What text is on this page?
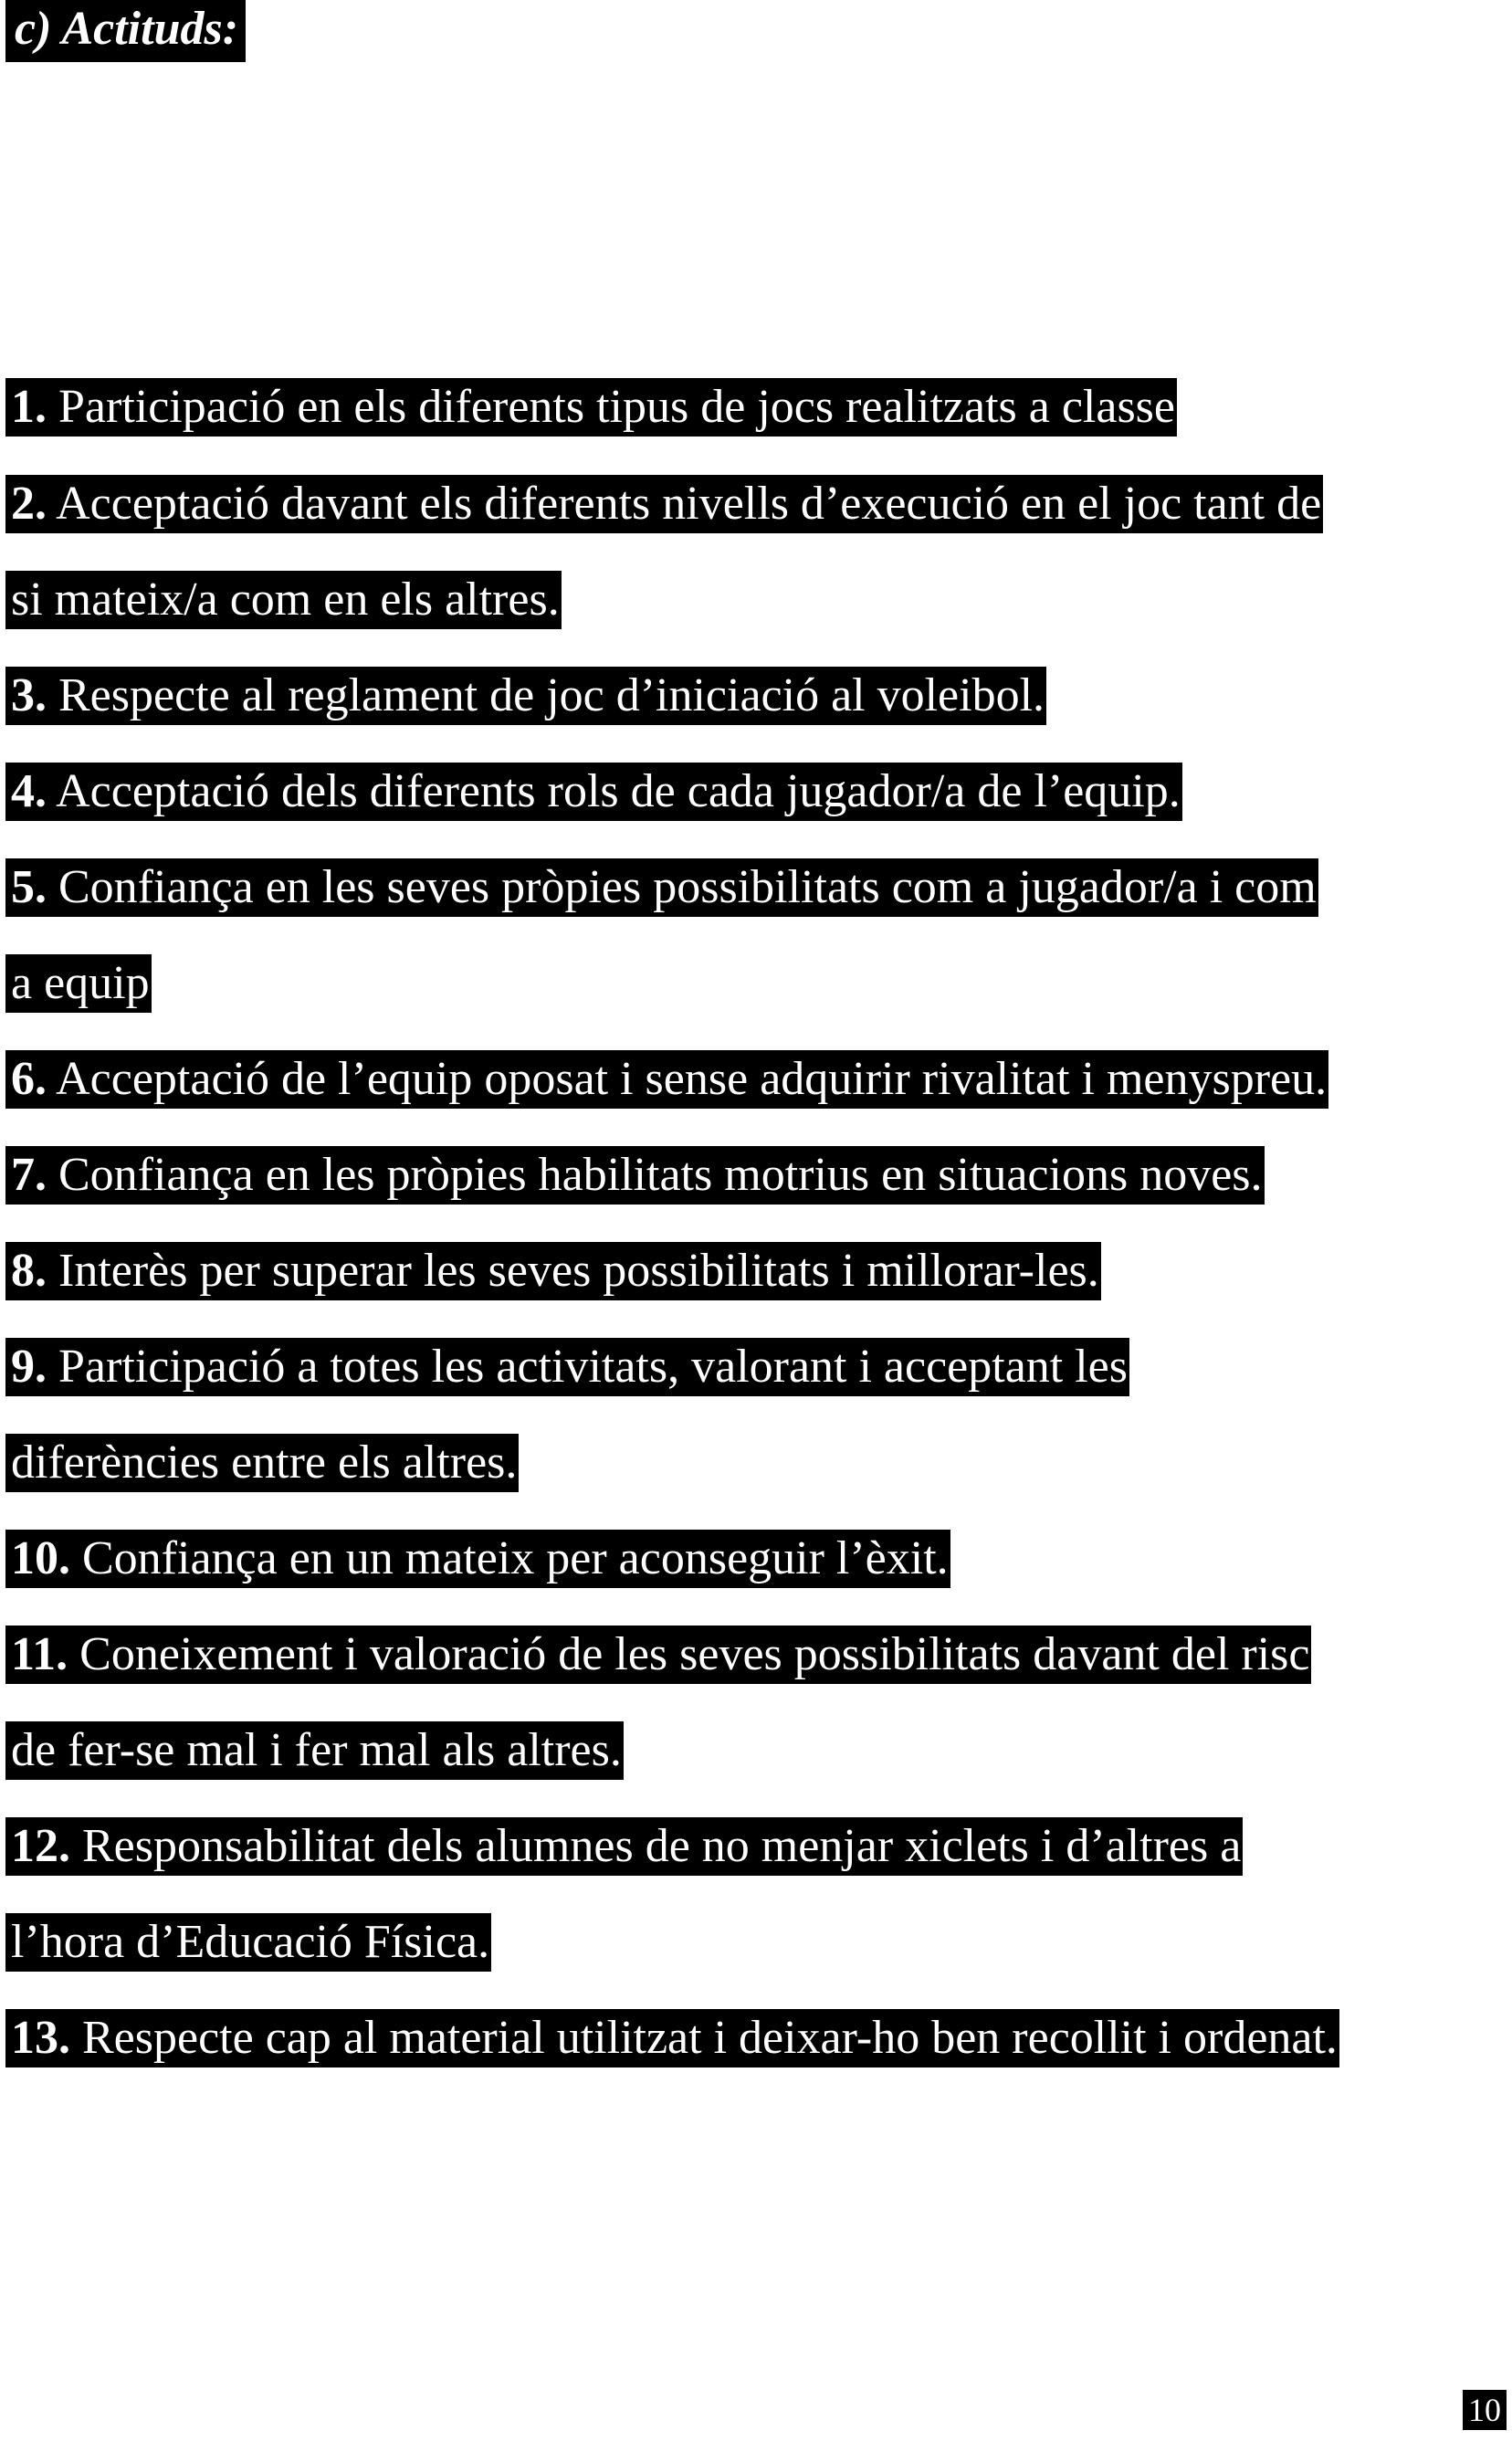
c) Actituds:
1. Participació en els diferents tipus de jocs realitzats a classe
2. Acceptació davant els diferents nivells d’execució en el joc tant de
si mateix/a com en els altres.
3. Respecte al reglament de joc d’iniciació al voleibol.
4. Acceptació dels diferents rols de cada jugador/a de l’equip.
5. Confiança en les seves pròpies possibilitats com a jugador/a i com
a equip
6. Acceptació de l’equip oposat i sense adquirir rivalitat i menyspreu.
7. Confiança en les pròpies habilitats motrius en situacions noves.
8. Interès per superar les seves possibilitats i millorar-les.
9. Participació a totes les activitats, valorant i acceptant les
diferències entre els altres.
10. Confiança en un mateix per aconseguir l’èxit.
11. Coneixement i valoració de les seves possibilitats davant del risc
de fer-se mal i fer mal als altres.
12. Responsabilitat dels alumnes de no menjar xiclets i d’altres a
l’hora d’Educació Física.
13. Respecte cap al material utilitzat i deixar-ho ben recollit i ordenat.
10
